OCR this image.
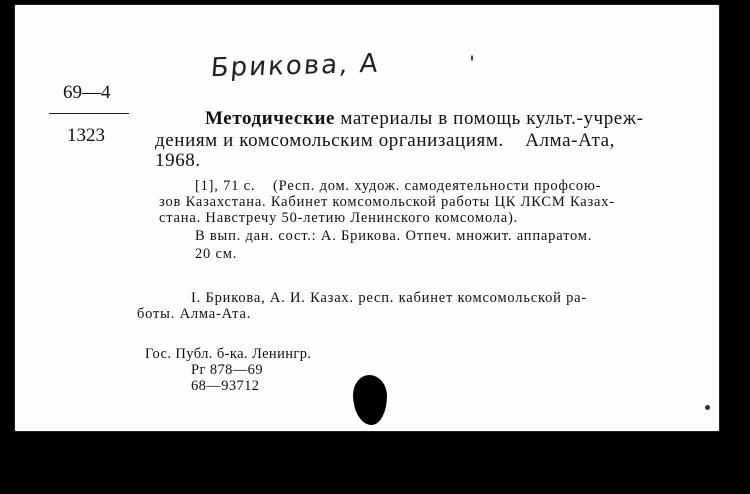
Брикова, А
69—4
1323
Методические материалы в помощь культ.-учреж-
дениям и комсомольским организациям.    Алма-Ата,
1968.
[1], 71 с.    (Респ. дом. худож. самодеятельности профсою-
зов Казахстана. Кабинет комсомольской работы ЦК ЛКСМ Казах-
стана. Навстречу 50-летию Ленинского комсомола).
В вып. дан. сост.: А. Брикова. Отпеч. множит. аппаратом.
20 см.
I. Брикова, А. И. Казах. респ. кабинет комсомольской ра-
боты. Алма-Ата.
Гос. Публ. б-ка. Ленингр.
Рг 878—69
68—93712
